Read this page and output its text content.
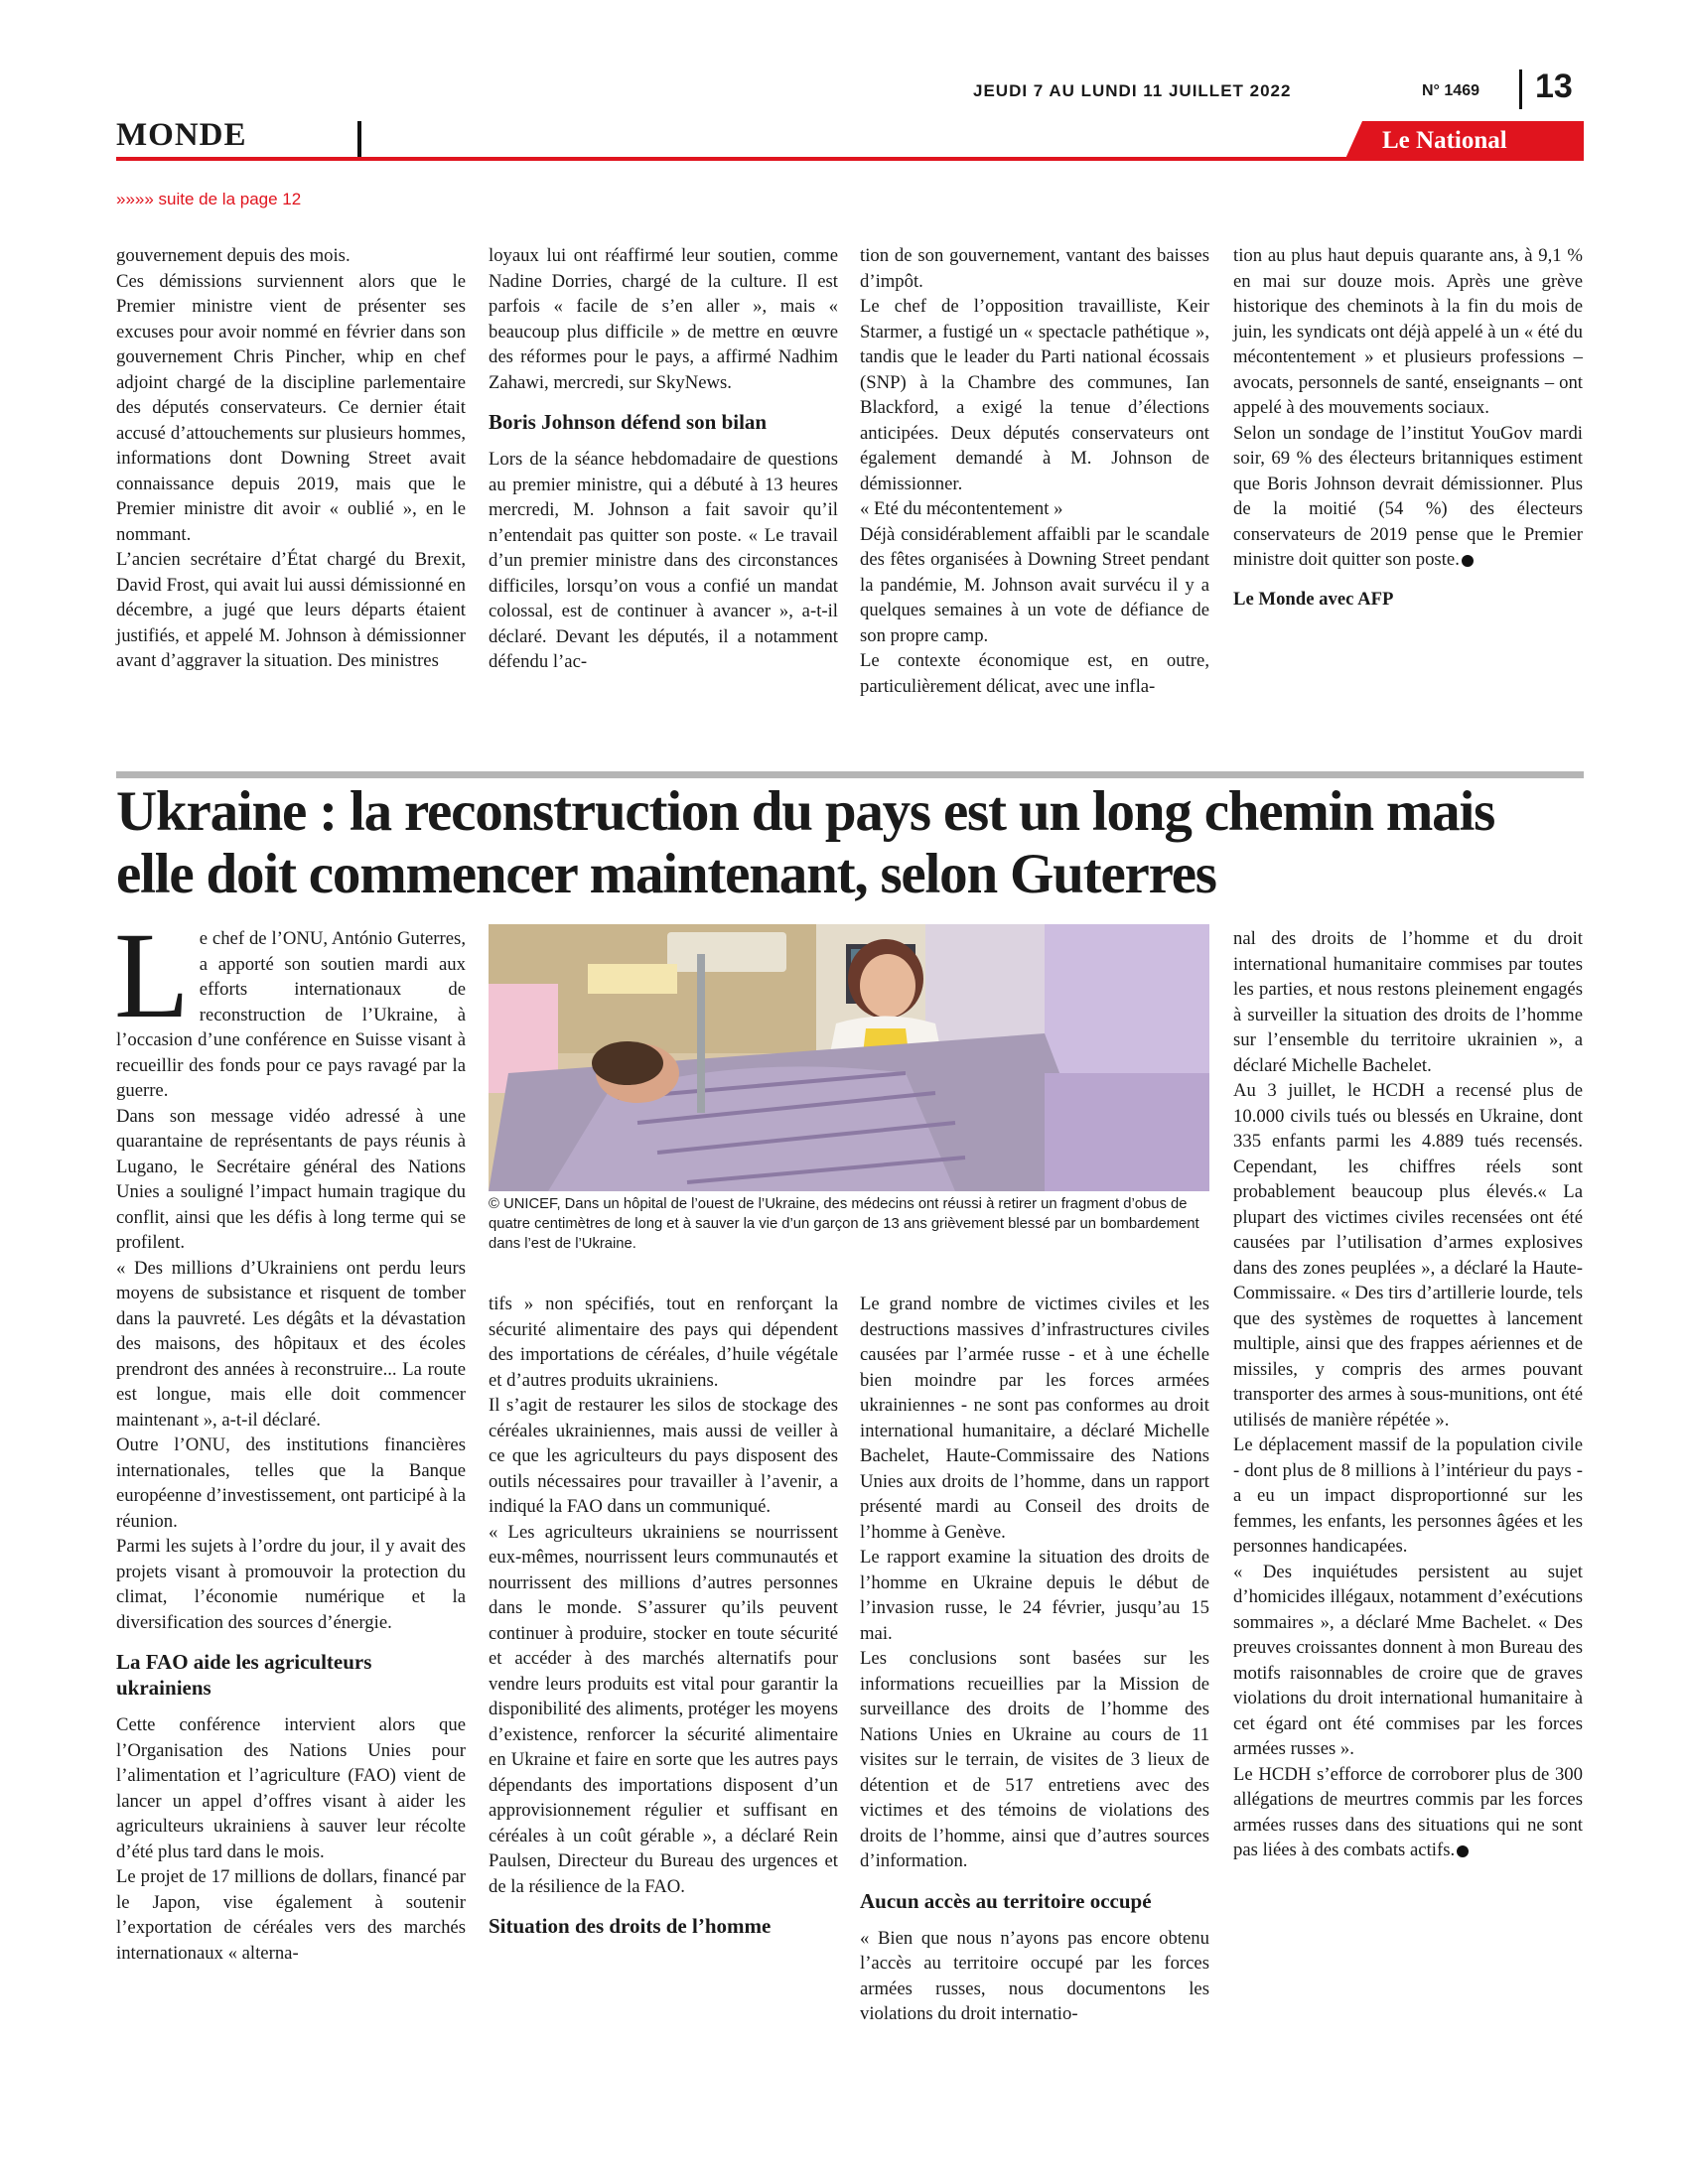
JEUDI 7 AU LUNDI 11 JUILLET 2022	N° 1469 13
MONDE	Le National
»»»» suite de la page 12

gouvernement depuis des mois.

Ces démissions surviennent alors que le Premier ministre vient de présenter ses excuses pour avoir nommé en février dans son gouvernement Chris Pincher, whip en chef adjoint chargé de la discipline parlementaire des députés conservateurs. Ce dernier était accusé d’attouchements sur plusieurs hommes, informations dont Downing Street avait connaissance depuis 2019, mais que le Premier ministre dit avoir « oublié », en le nommant.

L’ancien secrétaire d’État chargé du Brexit, David Frost, qui avait lui aussi démissionné en décembre, a jugé que leurs départs étaient justifiés, et appelé M. Johnson à démissionner avant d’aggraver la situation. Des ministres

loyaux lui ont réaffirmé leur soutien, comme Nadine Dorries, chargé de la culture. Il est parfois « facile de s’en aller », mais « beaucoup plus difficile » de mettre en œuvre des réformes pour le pays, a affirmé Nadhim Zahawi, mercredi, sur SkyNews.

Boris Johnson défend son bilan

Lors de la séance hebdomadaire de questions au premier ministre, qui a débuté à 13 heures mercredi, M. Johnson a fait savoir qu’il n’entendait pas quitter son poste. « Le travail d’un premier ministre dans des circonstances difficiles, lorsqu’on vous a confié un mandat colossal, est de continuer à avancer », a-t-il déclaré. Devant les députés, il a notamment défendu l’ac-

tion de son gouvernement, vantant des baisses d’impôt.

Le chef de l’opposition travailliste, Keir Starmer, a fustigé un « spectacle pathétique », tandis que le leader du Parti national écossais (SNP) à la Chambre des communes, Ian Blackford, a exigé la tenue d’élections anticipées. Deux députés conservateurs ont également demandé à M. Johnson de démissionner.

« Eté du mécontentement »

Déjà considérablement affaibli par le scandale des fêtes organisées à Downing Street pendant la pandémie, M. Johnson avait survécu il y a quelques semaines à un vote de défiance de son propre camp.

Le contexte économique est, en outre, particulièrement délicat, avec une infla-

tion au plus haut depuis quarante ans, à 9,1 % en mai sur douze mois. Après une grève historique des cheminots à la fin du mois de juin, les syndicats ont déjà appelé à un « été du mécontentement » et plusieurs professions – avocats, personnels de santé, enseignants – ont appelé à des mouvements sociaux.

Selon un sondage de l’institut YouGov mardi soir, 69 % des électeurs britanniques estiment que Boris Johnson devrait démissionner. Plus de la moitié (54 %) des électeurs conservateurs de 2019 pense que le Premier ministre doit quitter son poste.

Le Monde avec AFP

Ukraine : la reconstruction du pays est un long chemin mais elle doit commencer maintenant, selon Guterres

Le chef de l’ONU, António Guterres, a apporté son soutien mardi aux efforts internationaux de reconstruction de l’Ukraine, à l’occasion d’une conférence en Suisse visant à recueillir des fonds pour ce pays ravagé par la guerre.

Dans son message vidéo adressé à une quarantaine de représentants de pays réunis à Lugano, le Secrétaire général des Nations Unies a souligné l’impact humain tragique du conflit, ainsi que les défis à long terme qui se profilent.

« Des millions d’Ukrainiens ont perdu leurs moyens de subsistance et risquent de tomber dans la pauvreté. Les dégâts et la dévastation des maisons, des hôpitaux et des écoles prendront des années à reconstruire... La route est longue, mais elle doit commencer maintenant », a-t-il déclaré.

Outre l’ONU, des institutions financières internationales, telles que la Banque européenne d’investissement, ont participé à la réunion.

Parmi les sujets à l’ordre du jour, il y avait des projets visant à promouvoir la protection du climat, l’économie numérique et la diversification des sources d’énergie.

La FAO aide les agriculteurs ukrainiens

Cette conférence intervient alors que l’Organisation des Nations Unies pour l’alimentation et l’agriculture (FAO) vient de lancer un appel d’offres visant à aider les agriculteurs ukrainiens à sauver leur récolte d’été plus tard dans le mois.

Le projet de 17 millions de dollars, financé par le Japon, vise également à soutenir l’exportation de céréales vers des marchés internationaux « alterna-

© UNICEF, Dans un hôpital de l’ouest de l’Ukraine, des médecins ont réussi à retirer un fragment d’obus de quatre centimètres de long et à sauver la vie d’un garçon de 13 ans grièvement blessé par un bombardement dans l’est de l’Ukraine.

tifs » non spécifiés, tout en renforçant la sécurité alimentaire des pays qui dépendent des importations de céréales, d’huile végétale et d’autres produits ukrainiens.

Il s’agit de restaurer les silos de stockage des céréales ukrainiennes, mais aussi de veiller à ce que les agriculteurs du pays disposent des outils nécessaires pour travailler à l’avenir, a indiqué la FAO dans un communiqué.

« Les agriculteurs ukrainiens se nourrissent eux-mêmes, nourrissent leurs communautés et nourrissent des millions d’autres personnes dans le monde. S’assurer qu’ils peuvent continuer à produire, stocker en toute sécurité et accéder à des marchés alternatifs pour vendre leurs produits est vital pour garantir la disponibilité des aliments, protéger les moyens d’existence, renforcer la sécurité alimentaire en Ukraine et faire en sorte que les autres pays dépendants des importations disposent d’un approvisionnement régulier et suffisant en céréales à un coût gérable », a déclaré Rein Paulsen, Directeur du Bureau des urgences et de la résilience de la FAO.

Situation des droits de l’homme

Le grand nombre de victimes civiles et les destructions massives d’infrastructures civiles causées par l’armée russe - et à une échelle bien moindre par les forces armées ukrainiennes - ne sont pas conformes au droit international humanitaire, a déclaré Michelle Bachelet, Haute-Commissaire des Nations Unies aux droits de l’homme, dans un rapport présenté mardi au Conseil des droits de l’homme à Genève.

Le rapport examine la situation des droits de l’homme en Ukraine depuis le début de l’invasion russe, le 24 février, jusqu’au 15 mai.

Les conclusions sont basées sur les informations recueillies par la Mission de surveillance des droits de l’homme des Nations Unies en Ukraine au cours de 11 visites sur le terrain, de visites de 3 lieux de détention et de 517 entretiens avec des victimes et des témoins de violations des droits de l’homme, ainsi que d’autres sources d’information.

Aucun accès au territoire occupé

« Bien que nous n’ayons pas encore obtenu l’accès au territoire occupé par les forces armées russes, nous documentons les violations du droit internatio-

nal des droits de l’homme et du droit international humanitaire commises par toutes les parties, et nous restons pleinement engagés à surveiller la situation des droits de l’homme sur l’ensemble du territoire ukrainien », a déclaré Michelle Bachelet.

Au 3 juillet, le HCDH a recensé plus de 10.000 civils tués ou blessés en Ukraine, dont 335 enfants parmi les 4.889 tués recensés. Cependant, les chiffres réels sont probablement beaucoup plus élevés.« La plupart des victimes civiles recensées ont été causées par l’utilisation d’armes explosives dans des zones peuplées », a déclaré la Haute-Commissaire. « Des tirs d’artillerie lourde, tels que des systèmes de roquettes à lancement multiple, ainsi que des frappes aériennes et de missiles, y compris des armes pouvant transporter des armes à sous-munitions, ont été utilisés de manière répétée ».

Le déplacement massif de la population civile - dont plus de 8 millions à l’intérieur du pays - a eu un impact disproportionné sur les femmes, les enfants, les personnes âgées et les personnes handicapées.

« Des inquiétudes persistent au sujet d’homicides illégaux, notamment d’exécutions sommaires », a déclaré Mme Bachelet. « Des preuves croissantes donnent à mon Bureau des motifs raisonnables de croire que de graves violations du droit international humanitaire à cet égard ont été commises par les forces armées russes ».

Le HCDH s’efforce de corroborer plus de 300 allégations de meurtres commis par les forces armées russes dans des situations qui ne sont pas liées à des combats actifs.
